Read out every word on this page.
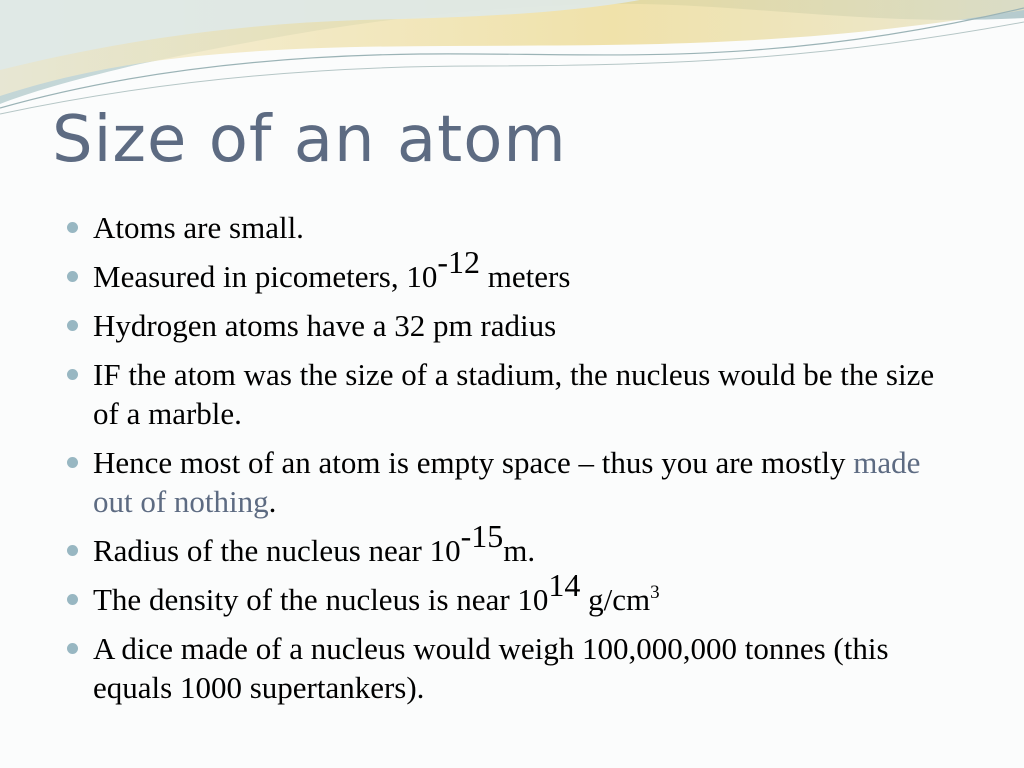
Size of an atom
Atoms are small.
Measured in picometers, $10^{-12}$ meters
Hydrogen atoms have a 32 pm radius
IF the atom was the size of a stadium, the nucleus would be the size of a marble.
Hence most of an atom is empty space – thus you are mostly made out of nothing.
Radius of the nucleus near $10^{-15}m$.
The density of the nucleus is near $10^{14}$ $g/cm^3$
A dice made of a nucleus would weigh 100,000,000 tonnes (this equals 1000 supertankers).
